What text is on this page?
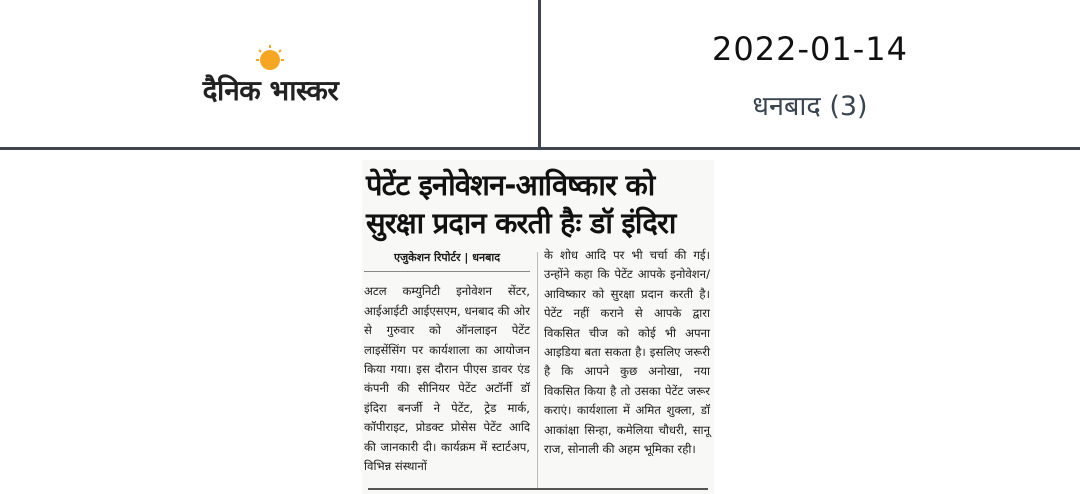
दैनिक भास्कर
2022-01-14
धनबाद (3)
पेटेंट इनोवेशन-आविष्कार को
सुरक्षा प्रदान करती हैः डॉ इंदिरा
एजुकेशन रिपोर्टर | धनबाद

अटल कम्युनिटी इनोवेशन सेंटर, आईआईटी आईएसएम, धनबाद की ओर से गुरुवार को ऑनलाइन पेटेंट लाइसेंसिंग पर कार्यशाला का आयोजन किया गया। इस दौरान पीएस डावर एंड कंपनी की सीनियर पेटेंट अटॉर्नी डॉ इंदिरा बनर्जी ने पेटेंट, ट्रेड मार्क, कॉपीराइट, प्रोडक्ट प्रोसेस पेटेंट आदि की जानकारी दी। कार्यक्रम में स्टार्टअप, विभिन्न संस्थानों

के शोध आदि पर भी चर्चा की गई। उन्होंने कहा कि पेटेंट आपके इनोवेशन/आविष्कार को सुरक्षा प्रदान करती है। पेटेंट नहीं कराने से आपके द्वारा विकसित चीज को कोई भी अपना आइडिया बता सकता है। इसलिए जरूरी है कि आपने कुछ अनोखा, नया विकसित किया है तो उसका पेटेंट जरूर कराएं। कार्यशाला में अमित शुक्ला, डॉ आकांक्षा सिन्हा, कमेलिया चौधरी, सानू राज, सोनाली की अहम भूमिका रही।
